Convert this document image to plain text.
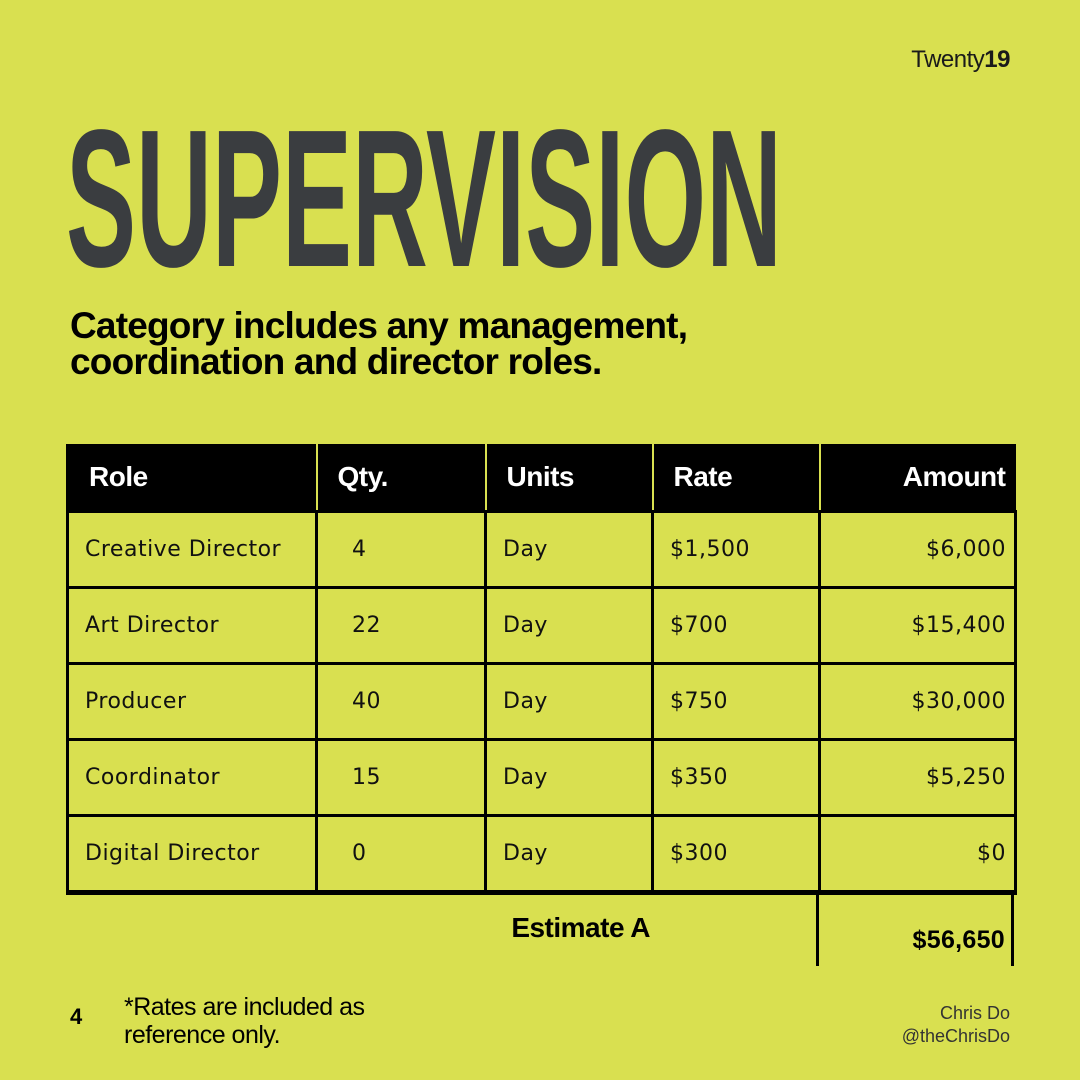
Twenty19
SUPERVISION

Category includes any management, coordination and director roles.

Role	Qty.	Units	Rate	Amount
Creative Director	4	Day	$1,500	$6,000
Art Director	22	Day	$700	$15,400
Producer	40	Day	$750	$30,000
Coordinator	15	Day	$350	$5,250
Digital Director	0	Day	$300	$0
Estimate A	$56,650
4 *Rates are included as reference only.
Chris Do
@theChrisDo
